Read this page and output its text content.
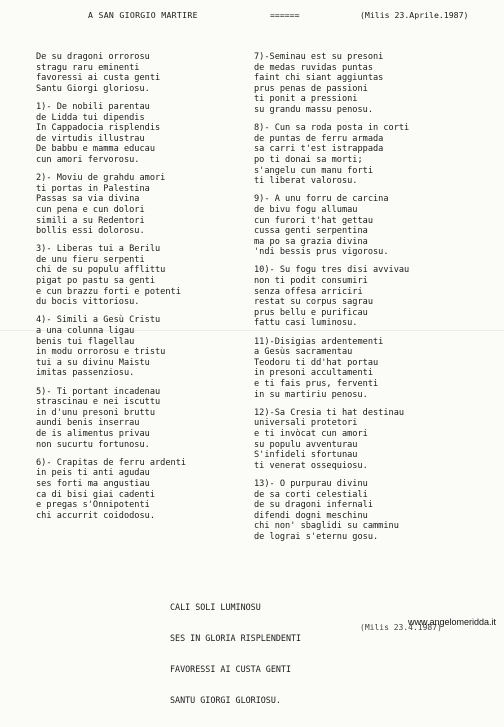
A SAN GIORGIO MARTIRE	======	(Milis 23.Aprile.1987)
De su dragoni orrorosu
stragu raru eminenti
favoressi ai custa genti
Santu Giorgi gloriosu.
1)- De nobili parentau
de Lidda tui dipendis
In Cappadocia risplendis
de virtudis illustrau
De babbu e mamma educau
cun amori fervorosu.
2)- Moviu de grahdu amori
ti portas in Palestina
Passas sa via divina
cun pena e cun dolori
simili a su Redentori
bollis essi dolorosu.
3)- Liberas tui a Berilu
de unu fieru serpenti
chi de su populu afflittu
pigat po pastu sa genti
e cun brazzu forti e potenti
du bocis vittoriosu.
4)- Simili a Gesù Cristu
a una colunna ligau
benis tui flagellau
in modu orrorosu e tristu
tui a su divinu Maistu
imitas passenziosu.
5)- Ti portant incadenau
strascinau e nei iscuttu
in d'unu presoni bruttu
aundi benis inserrau
de is alimentus privau
non sucurtu fortunosu.
6)- Crapitas de ferru ardenti
in peis ti anti agudau
ses forti ma angustiau
ca di bisi giai cadenti
e pregas s'Onnipotenti
chi accurrit coidodosu.
7)-Seminau est su presoni
de medas ruvidas puntas
faint chi siant aggiuntas
prus penas de passioni
ti ponit a pressioni
su grandu massu penosu.
8)- Cun sa roda posta in corti
de puntas de ferru armada
sa carri t'est istrappada
po ti donai sa morti;
s'angelu cun manu forti
ti liberat valorosu.
9)- A unu forru de carcina
de bivu fogu allumau
cun furori t'hat gettau
cussa genti serpentina
ma po sa grazia divina
'ndi bessis prus vigorosu.
10)- Su fogu tres disi avvivau
non ti podit consumiri
senza offesa arriciri
restat su corpus sagrau
prus bellu e purificau
fattu casi luminosu.
11)-Disigias ardentementi
a Gesùs sacramentau
Teodoru ti dd'hat portau
in presoni accultamenti
e ti fais prus, ferventi
in su martiriu penosu.
12)-Sa Cresia ti hat destinau
universali protetori
e ti invòcat cun amori
su populu avventurau
S'infideli sfortunau
ti venerat ossequiosu.
13)- O purpurau divinu
de sa corti celestiali
de su dragoni infernali
difendi dogni meschinu
chi non' sbaglidi su camminu
de lograi s'eternu gosu.

CALI SOLI LUMINOSU

SES IN GLORIA RISPLENDENTI

FAVORESSI AI CUSTA GENTI

SANTU GIORGI GLORIOSU.

(Milis 23.4.1987)
www.angelomeridda.it
